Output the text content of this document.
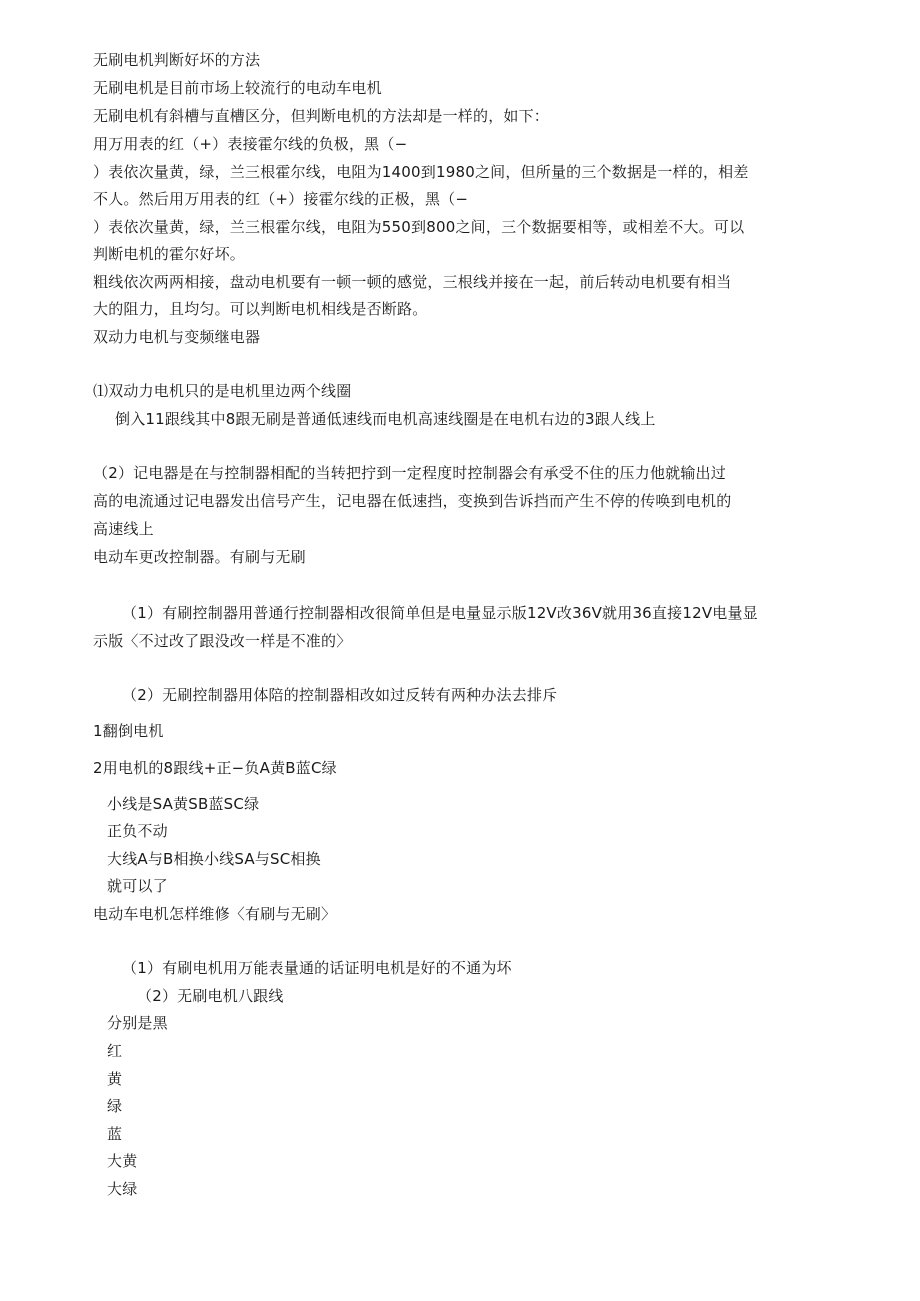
无刷电机判断好坏的方法
无刷电机是目前市场上较流行的电动车电机
无刷电机有斜槽与直槽区分，但判断电机的方法却是一样的，如下：
用万用表的红（+）表接霍尔线的负极，黑（−
）表依次量黄，绿，兰三根霍尔线，电阻为1400到1980之间，但所量的三个数据是一样的，相差
不人。然后用万用表的红（+）接霍尔线的正极，黑（−
）表依次量黄，绿，兰三根霍尔线，电阻为550到800之间，三个数据要相等，或相差不大。可以
判断电机的霍尔好坏。
粗线依次两两相接，盘动电机要有一顿一顿的感觉，三根线并接在一起，前后转动电机要有相当
大的阻力，且均匀。可以判断电机相线是否断路。
双动力电机与变频继电器
⑴双动力电机只的是电机里边两个线圈
倒入11跟线其中8跟无刷是普通低速线而电机高速线圈是在电机右边的3跟人线上
（2）记电器是在与控制器相配的当转把拧到一定程度时控制器会有承受不住的压力他就输出过
高的电流通过记电器发出信号产生，记电器在低速挡，变换到告诉挡而产生不停的传唤到电机的
高速线上
电动车更改控制器。有刷与无刷
（1）有刷控制器用普通行控制器相改很简单但是电量显示版12V改36V就用36直接12V电量显
示版〈不过改了跟没改一样是不准的〉
（2）无刷控制器用体陪的控制器相改如过反转有两种办法去排斥
1翻倒电机
2用电机的8跟线+正−负A黄B蓝C绿
小线是SA黄SB蓝SC绿
正负不动
大线A与B相换小线SA与SC相换
就可以了
电动车电机怎样维修〈有刷与无刷〉
（1）有刷电机用万能表量通的话证明电机是好的不通为坏
（2）无刷电机八跟线
分别是黑
红
黄
绿
蓝
大黄
大绿
